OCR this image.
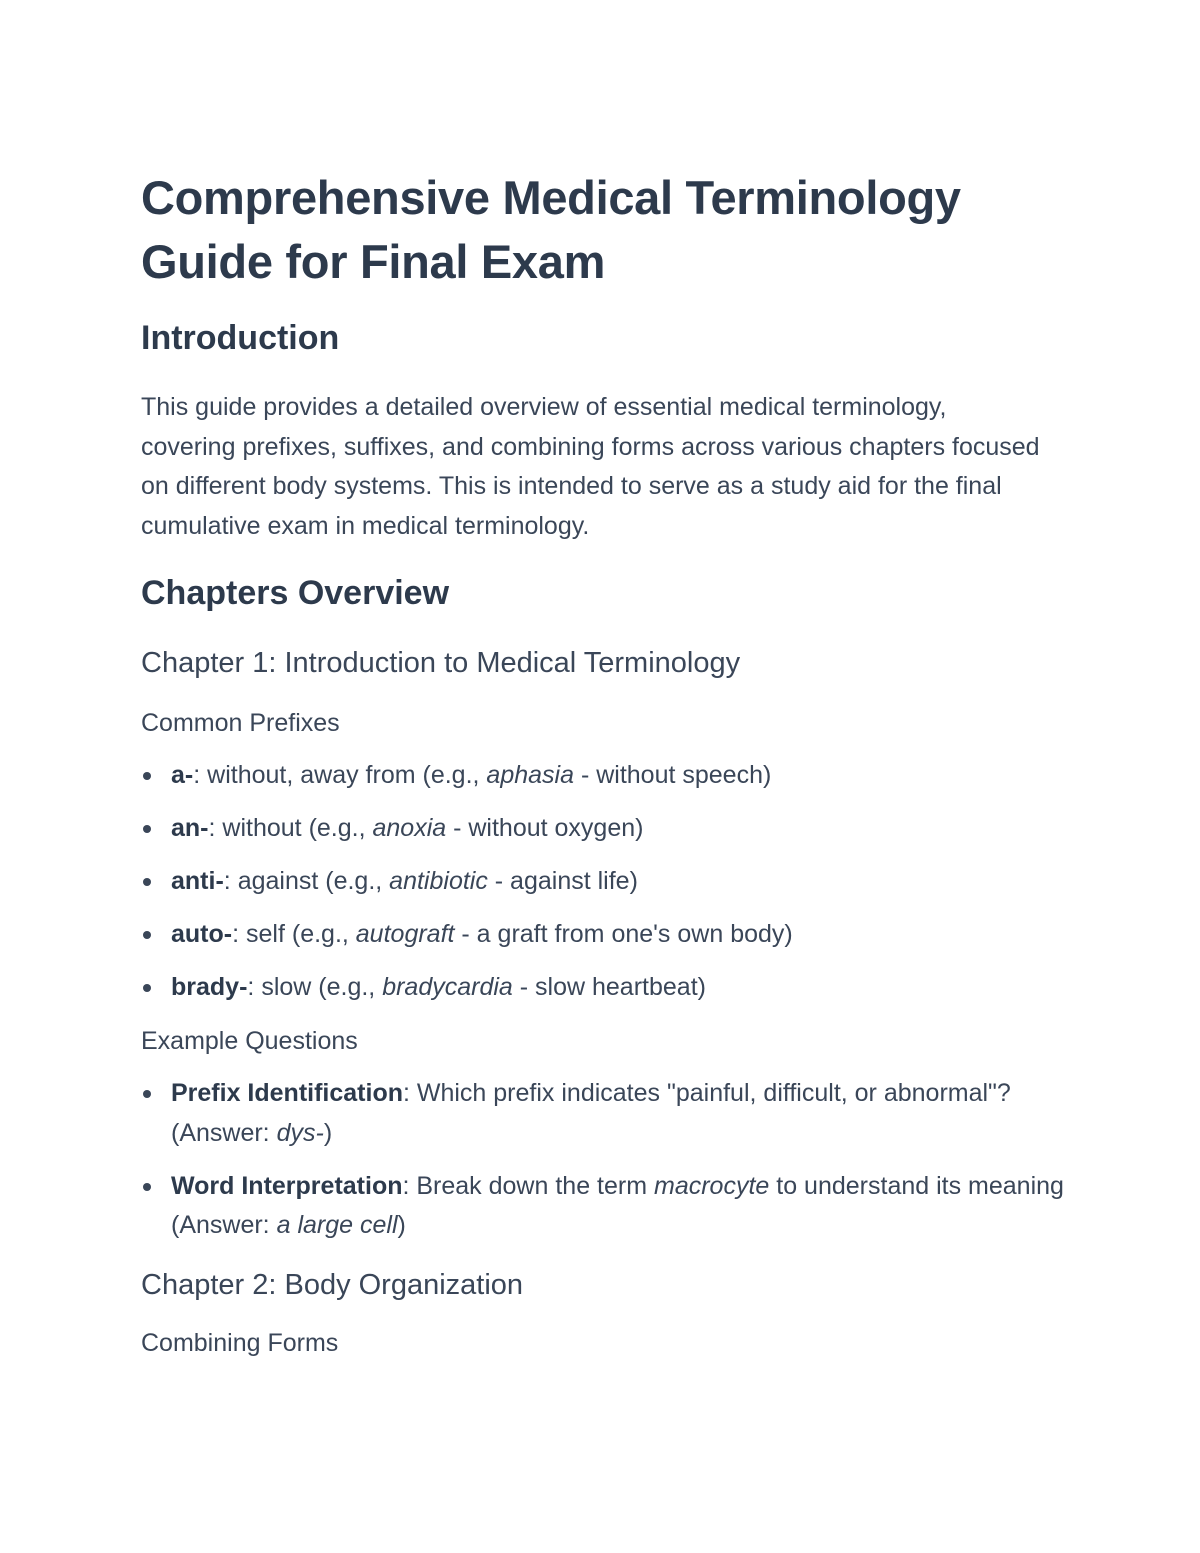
Comprehensive Medical Terminology
Guide for Final Exam
Introduction

This guide provides a detailed overview of essential medical terminology, covering prefixes, suffixes, and combining forms across various chapters focused on different body systems. This is intended to serve as a study aid for the final cumulative exam in medical terminology.

Chapters Overview
Chapter 1: Introduction to Medical Terminology
Common Prefixes
a-: without, away from (e.g., aphasia - without speech)
an-: without (e.g., anoxia - without oxygen)
anti-: against (e.g., antibiotic - against life)
auto-: self (e.g., autograft - a graft from one's own body)
brady-: slow (e.g., bradycardia - slow heartbeat)
Example Questions
Prefix Identification: Which prefix indicates "painful, difficult, or abnormal"? (Answer: dys-)
Word Interpretation: Break down the term macrocyte to understand its meaning (Answer: a large cell)
Chapter 2: Body Organization
Combining Forms
